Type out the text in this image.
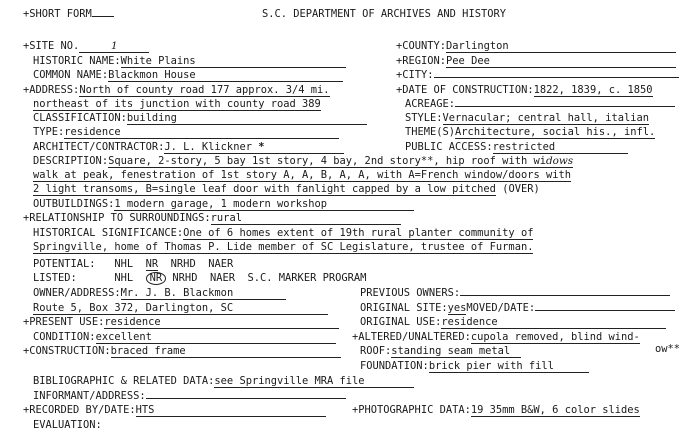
+SHORT FORM	S.C. DEPARTMENT OF ARCHIVES AND HISTORY
+SITE NO.	1	+COUNTY:Darlington
HISTORIC NAME:White Plains	+REGION:Pee Dee
COMMON NAME:Blackmon House	+CITY:
+ADDRESS:North of county road 177 approx. 3/4 mi.	+DATE OF CONSTRUCTION:1822, 1839, c. 1850
northeast of its junction with county road 389	ACREAGE:
CLASSIFICATION:building	STYLE:Vernacular; central hall, italian
TYPE:residence	THEME(S)Architecture, social his., infl.
ARCHITECT/CONTRACTOR:J. L. Klickner *	PUBLIC ACCESS:restricted
DESCRIPTION:Square, 2-story, 5 bay 1st story, 4 bay, 2nd story**, hip roof with widows
walk at peak, fenestration of 1st story A, A, B, A, A, with A=French window/doors with
2 light transoms, B=single leaf door with fanlight capped by a low pitched (OVER)
OUTBUILDINGS:1 modern garage, 1 modern workshop
+RELATIONSHIP TO SURROUNDINGS:rural
HISTORICAL SIGNIFICANCE:One of 6 homes extent of 19th rural planter community of
Springville, home of Thomas P. Lide member of SC Legislature, trustee of Furman.
POTENTIAL: NHL NR NRHD NAER
LISTED:	NHL NR NRHD NAER S.C. MARKER PROGRAM
OWNER/ADDRESS:Mr. J. B. Blackmon	PREVIOUS OWNERS:
Route 5, Box 372, Darlington, SC	ORIGINAL SITE:yesMOVED/DATE:
+PRESENT USE:residence	ORIGINAL USE:residence
CONDITION:excellent	+ALTERED/UNALTERED:cupola removed, blind wind-
+CONSTRUCTION:braced frame	ROOF:standing seam metal	ow**
FOUNDATION:brick pier with fill
BIBLIOGRAPHIC & RELATED DATA:see Springville MRA file
INFORMANT/ADDRESS:
+RECORDED BY/DATE:HTS	+PHOTOGRAPHIC DATA:19 35mm B&W, 6 color slides
EVALUATION:
